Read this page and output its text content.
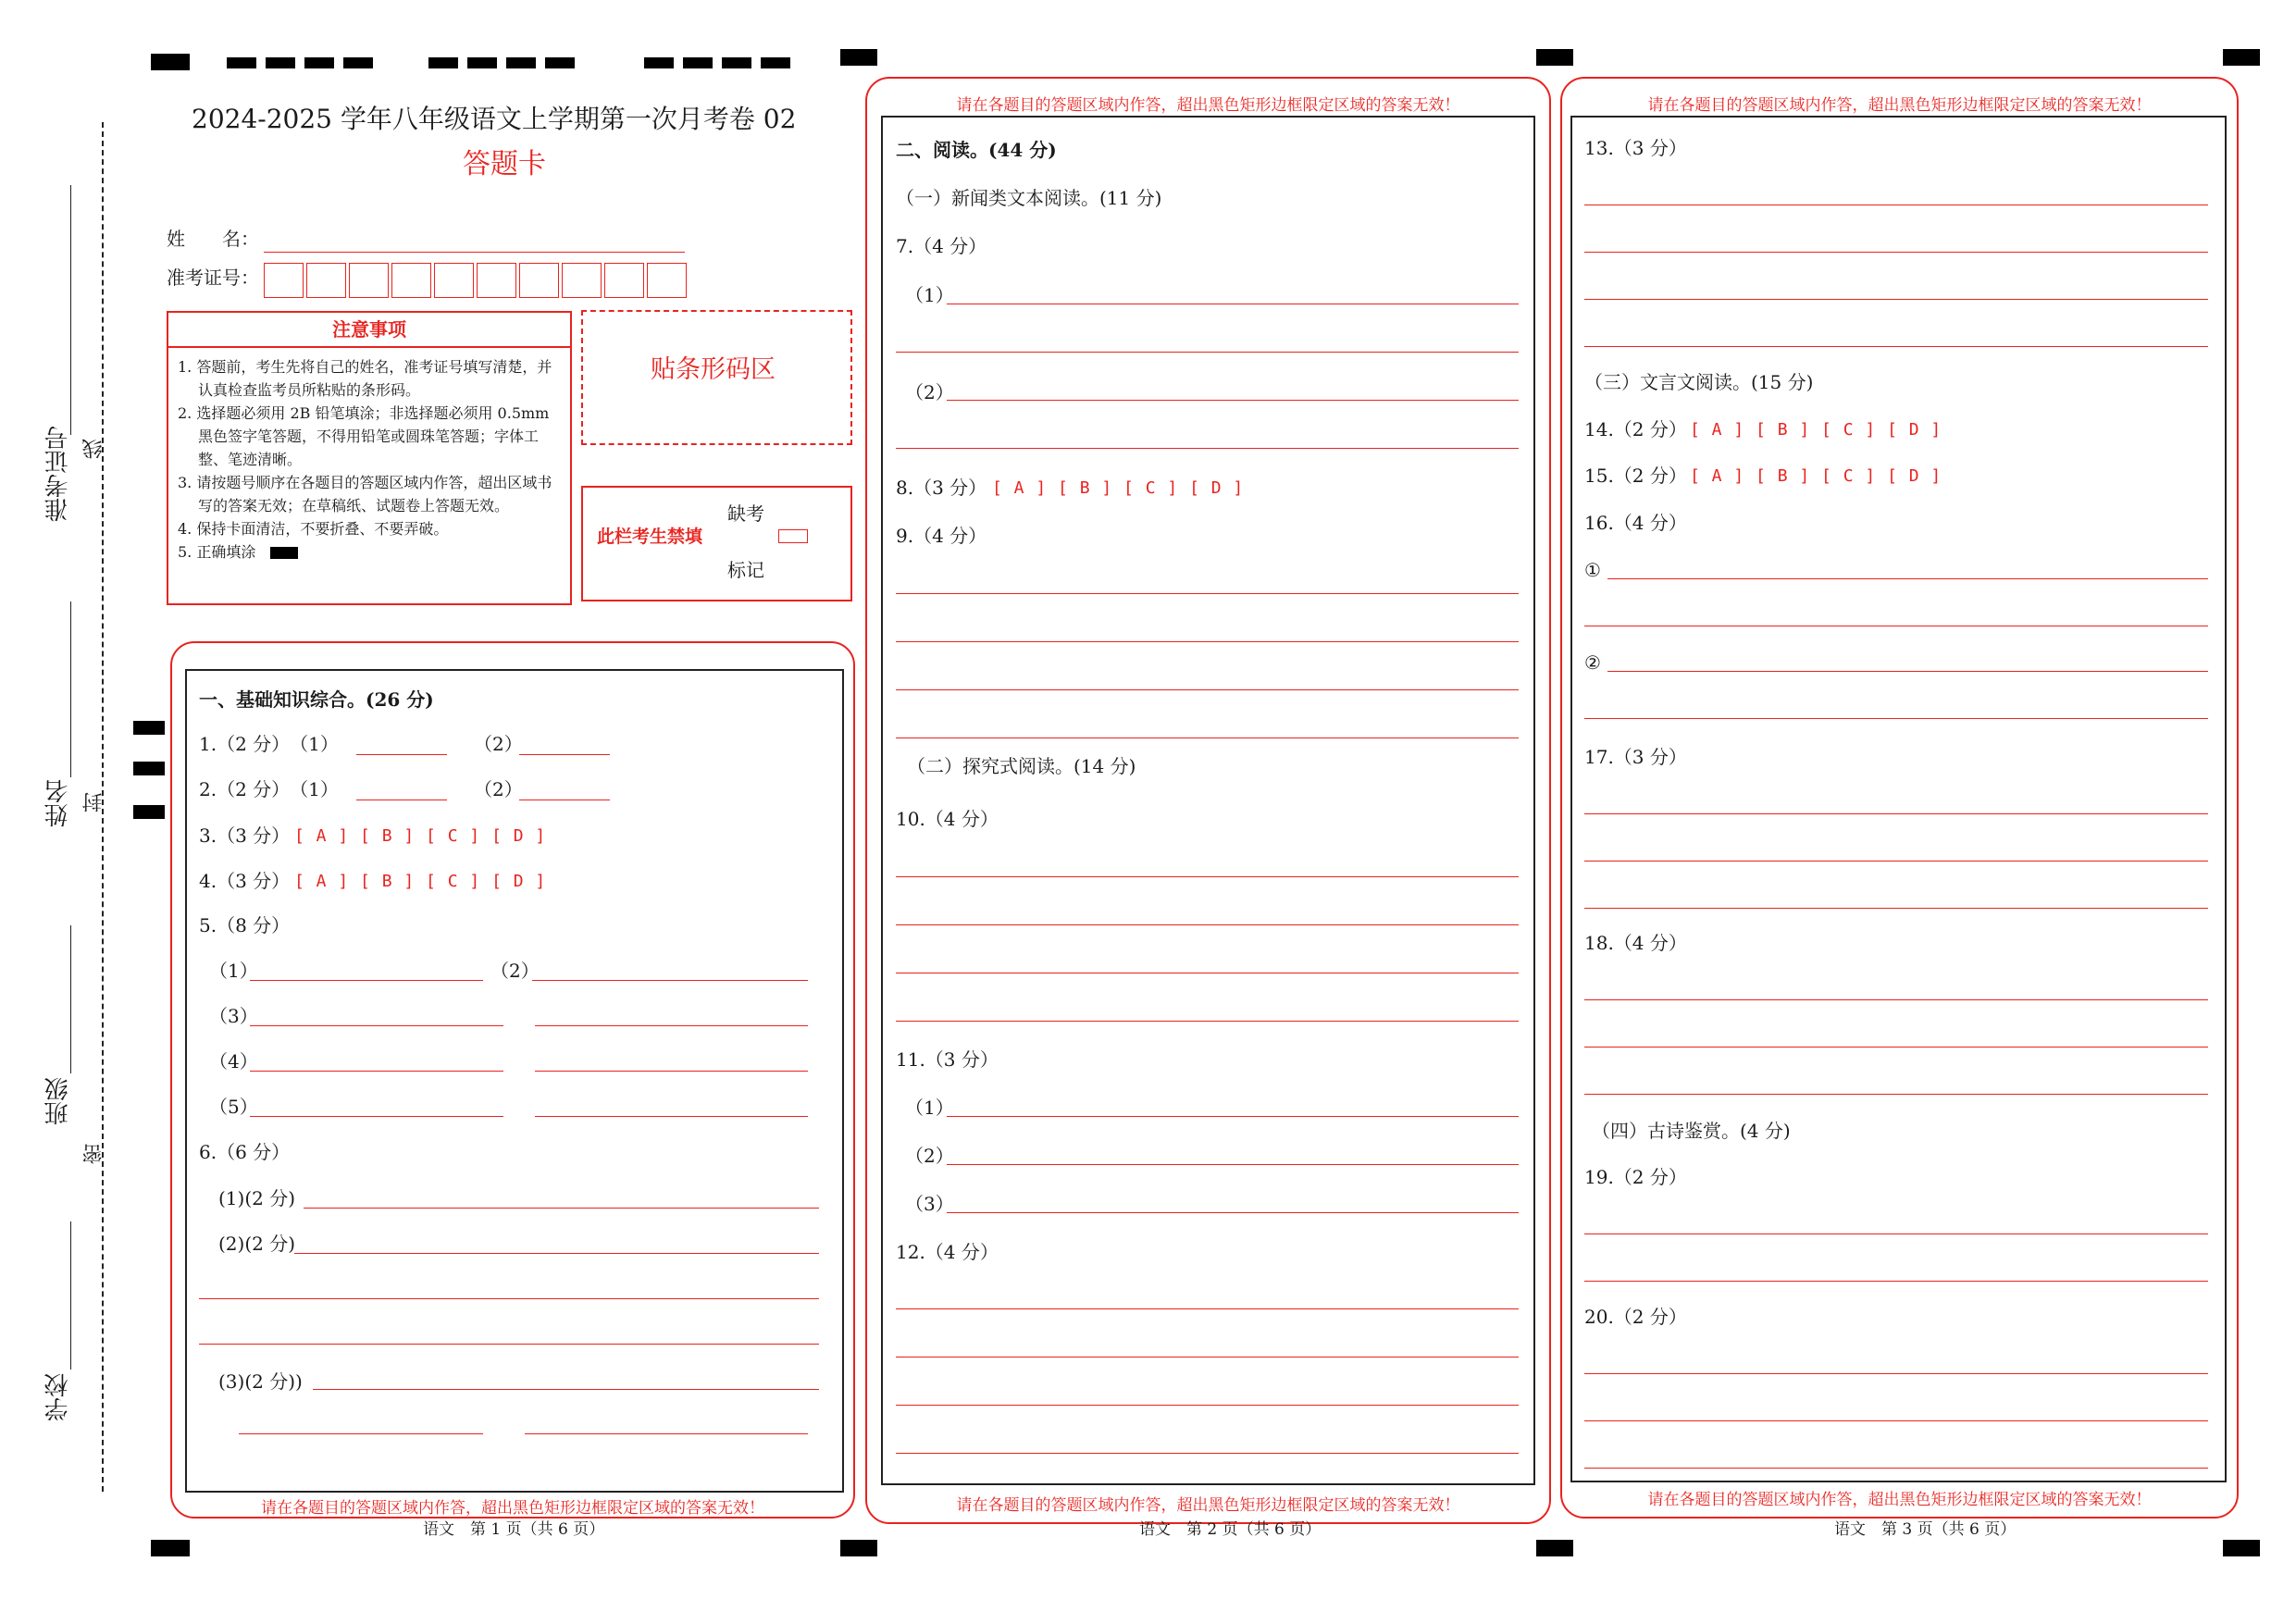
准考证号 线
姓名 封
班级
密
学校
2024-2025 学年八年级语文上学期第一次月考卷 02
答题卡
姓　　名：
准考证号：
注意事项
1. 答题前，考生先将自己的姓名，准考证号填写清楚，并认真检查监考员所粘贴的条形码。
2. 选择题必须用 2B 铅笔填涂；非选择题必须用 0.5mm 黑色签字笔答题，不得用铅笔或圆珠笔答题；字体工整、笔迹清晰。
3. 请按题号顺序在各题目的答题区域内作答，超出区域书写的答案无效；在草稿纸、试题卷上答题无效。
4. 保持卡面清洁，不要折叠、不要弄破。
5. 正确填涂
贴条形码区
此栏考生禁填
缺考
标记
请在各题目的答题区域内作答，超出黑色矩形边框限定区域的答案无效！
语文　第 1 页（共 6 页）
一、基础知识综合。(26 分)
1.（2 分）　（1）	（2）
2.（2 分）　（1）	（2）
3.（3 分） [ A ] [ B ] [ C ] [ D ]
4.（3 分） [ A ] [ B ] [ C ] [ D ]
5.（8 分）
（1）	（2）
（3）
（4）
（5）
6.（6 分）
(1)(2 分)
(2)(2 分)
(3)(2 分))
请在各题目的答题区域内作答，超出黑色矩形边框限定区域的答案无效！
请在各题目的答题区域内作答，超出黑色矩形边框限定区域的答案无效！
语文　第 2 页（共 6 页）
二、阅读。(44 分)
（一）新闻类文本阅读。(11 分)
7.（4 分）
（1）
（2）
8.（3 分） [ A ] [ B ] [ C ] [ D ]
9.（4 分）
（二）探究式阅读。(14 分)
10.（4 分）
11.（3 分）
（1）
（2）
（3）
12.（4 分）
请在各题目的答题区域内作答，超出黑色矩形边框限定区域的答案无效！
请在各题目的答题区域内作答，超出黑色矩形边框限定区域的答案无效！
语文　第 3 页（共 6 页）
13.（3 分）
（三）文言文阅读。(15 分)
14.（2 分） [ A ] [ B ] [ C ] [ D ]
15.（2 分） [ A ] [ B ] [ C ] [ D ]
16.（4 分）
①
②
17.（3 分）
18.（4 分）
（四）古诗鉴赏。(4 分)
19.（2 分）
20.（2 分）
